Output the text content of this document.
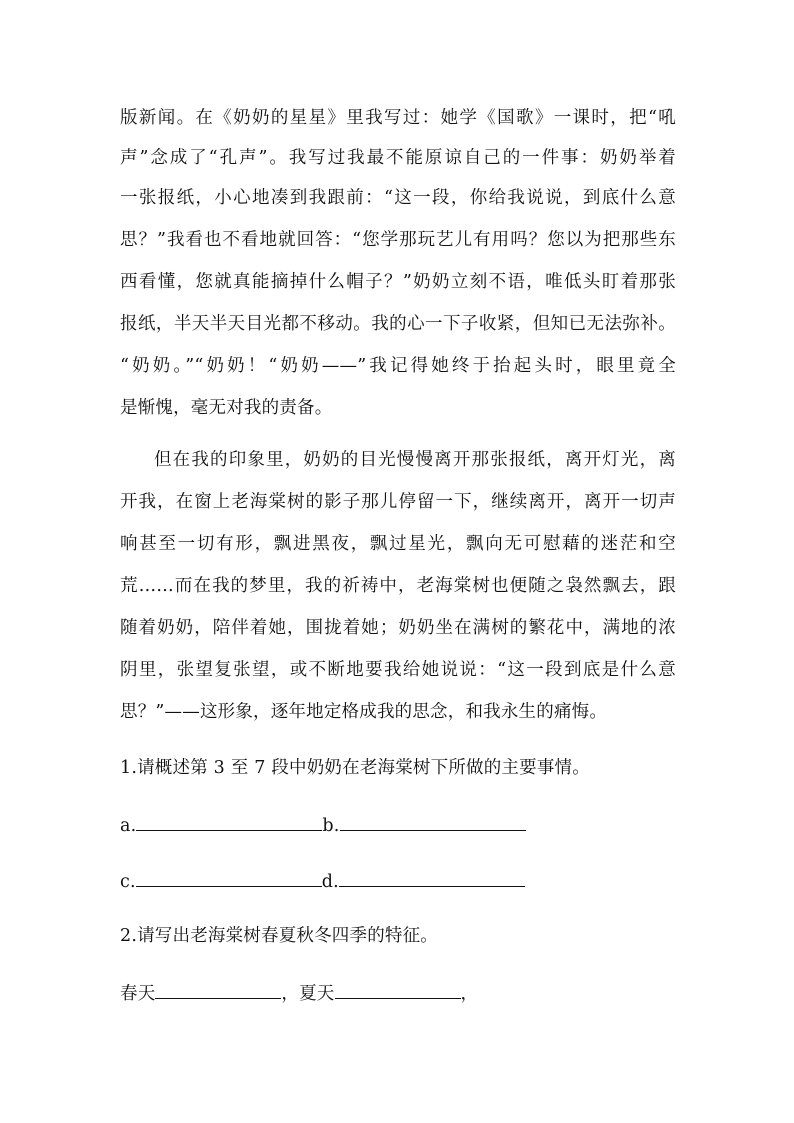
版新闻。在《奶奶的星星》里我写过：她学《国歌》一课时，把“吼
声”念成了“孔声”。我写过我最不能原谅自己的一件事：奶奶举着
一张报纸，小心地凑到我跟前：“这一段，你给我说说，到底什么意
思？”我看也不看地就回答：“您学那玩艺儿有用吗？您以为把那些东
西看懂，您就真能摘掉什么帽子？”奶奶立刻不语，唯低头盯着那张
报纸，半天半天目光都不移动。我的心一下子收紧，但知已无法弥补。
“奶奶。”“奶奶！“奶奶——”我记得她终于抬起头时，眼里竟全
是惭愧，毫无对我的责备。
但在我的印象里，奶奶的目光慢慢离开那张报纸，离开灯光，离
开我，在窗上老海棠树的影子那儿停留一下，继续离开，离开一切声
响甚至一切有形，飘进黑夜，飘过星光，飘向无可慰藉的迷茫和空
荒……而在我的梦里，我的祈祷中，老海棠树也便随之袅然飘去，跟
随着奶奶，陪伴着她，围拢着她；奶奶坐在满树的繁花中，满地的浓
阴里，张望复张望，或不断地要我给她说说：“这一段到底是什么意
思？”——这形象，逐年地定格成我的思念，和我永生的痛悔。
1.请概述第 3 至 7 段中奶奶在老海棠树下所做的主要事情。
a.	b.
c.	d.
2.请写出老海棠树春夏秋冬四季的特征。
春天	，夏天	，
